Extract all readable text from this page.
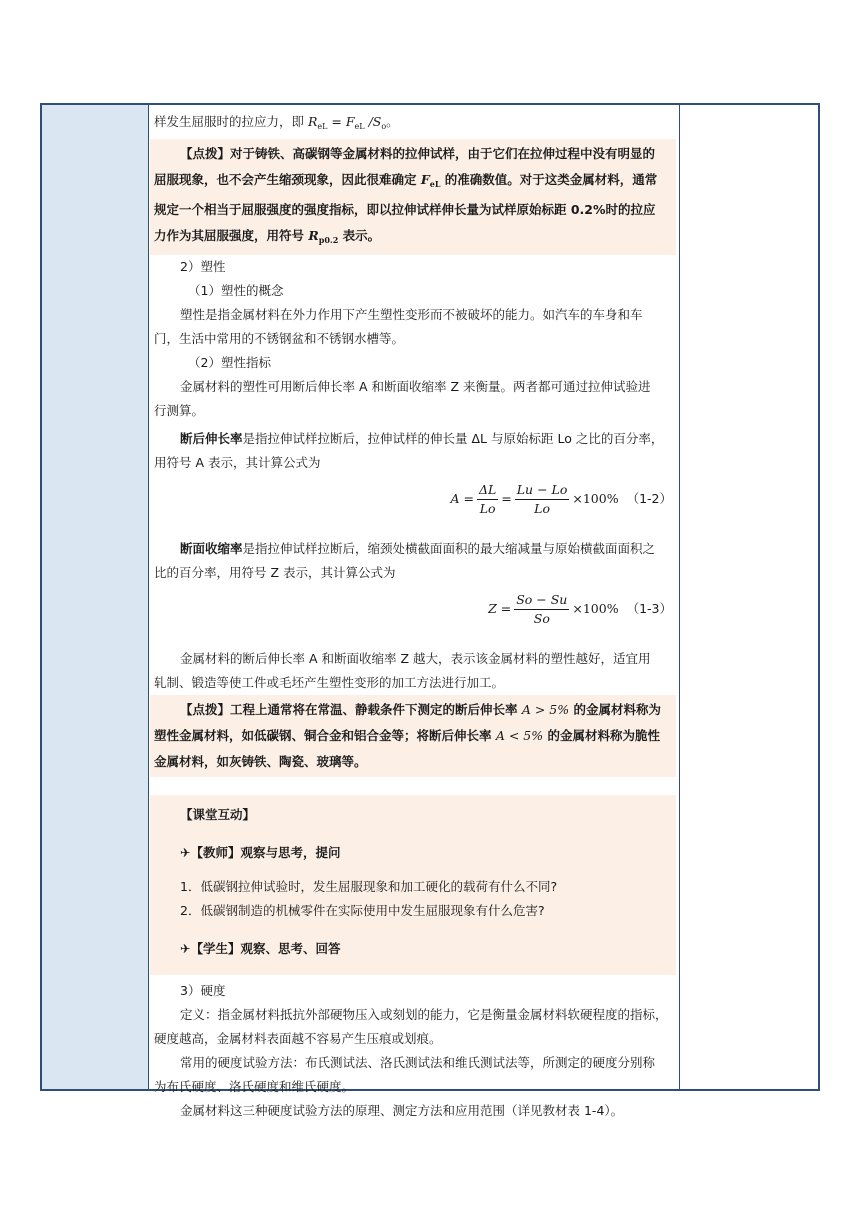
样发生屈服时的拉应力，即 $R_{eL} = F_{eL}$ $/S_o$。

【点拨】对于铸铁、高碳钢等金属材料的拉伸试样，由于它们在拉伸过程中没有明显的

屈服现象，也不会产生缩颈现象，因此很难确定 $F_{eL}$ 的准确数值。对于这类金属材料，通常

规定一个相当于屈服强度的强度指标，即以拉伸试样伸长量为试样原始标距 0.2%时的拉应

力作为其屈服强度，用符号 $R_{p0.2}$ 表示。

2）塑性

（1）塑性的概念

塑性是指金属材料在外力作用下产生塑性变形而不被破坏的能力。如汽车的车身和车

门，生活中常用的不锈钢盆和不锈钢水槽等。

（2）塑性指标

金属材料的塑性可用断后伸长率 A 和断面收缩率 Z 来衡量。两者都可通过拉伸试验进

行测算。

断后伸长率是指拉伸试样拉断后，拉伸试样的伸长量 ΔL 与原始标距 Lo 之比的百分率，

用符号 A 表示，其计算公式为

$A = \frac{\Delta L}{Lo} = \frac{Lu - Lo}{Lo} \times 100\%$ （1-2）

断面收缩率是指拉伸试样拉断后，缩颈处横截面面积的最大缩减量与原始横截面面积之

比的百分率，用符号 Z 表示，其计算公式为

$Z = \frac{So - Su}{So} \times 100\%$ （1-3）

金属材料的断后伸长率 A 和断面收缩率 Z 越大，表示该金属材料的塑性越好，适宜用

轧制、锻造等使工件或毛坯产生塑性变形的加工方法进行加工。

【点拨】工程上通常将在常温、静载条件下测定的断后伸长率 A > 5% 的金属材料称为

塑性金属材料，如低碳钢、铜合金和铝合金等；将断后伸长率 A < 5% 的金属材料称为脆性

金属材料，如灰铸铁、陶瓷、玻璃等。

【课堂互动】

✈【教师】观察与思考，提问

1．低碳钢拉伸试验时，发生屈服现象和加工硬化的载荷有什么不同?

2．低碳钢制造的机械零件在实际使用中发生屈服现象有什么危害?

✈【学生】观察、思考、回答

3）硬度

定义：指金属材料抵抗外部硬物压入或刻划的能力，它是衡量金属材料软硬程度的指标，

硬度越高，金属材料表面越不容易产生压痕或划痕。

常用的硬度试验方法：布氏测试法、洛氏测试法和维氏测试法等，所测定的硬度分别称

为布氏硬度、洛氏硬度和维氏硬度。

金属材料这三种硬度试验方法的原理、测定方法和应用范围（详见教材表 1-4）。
